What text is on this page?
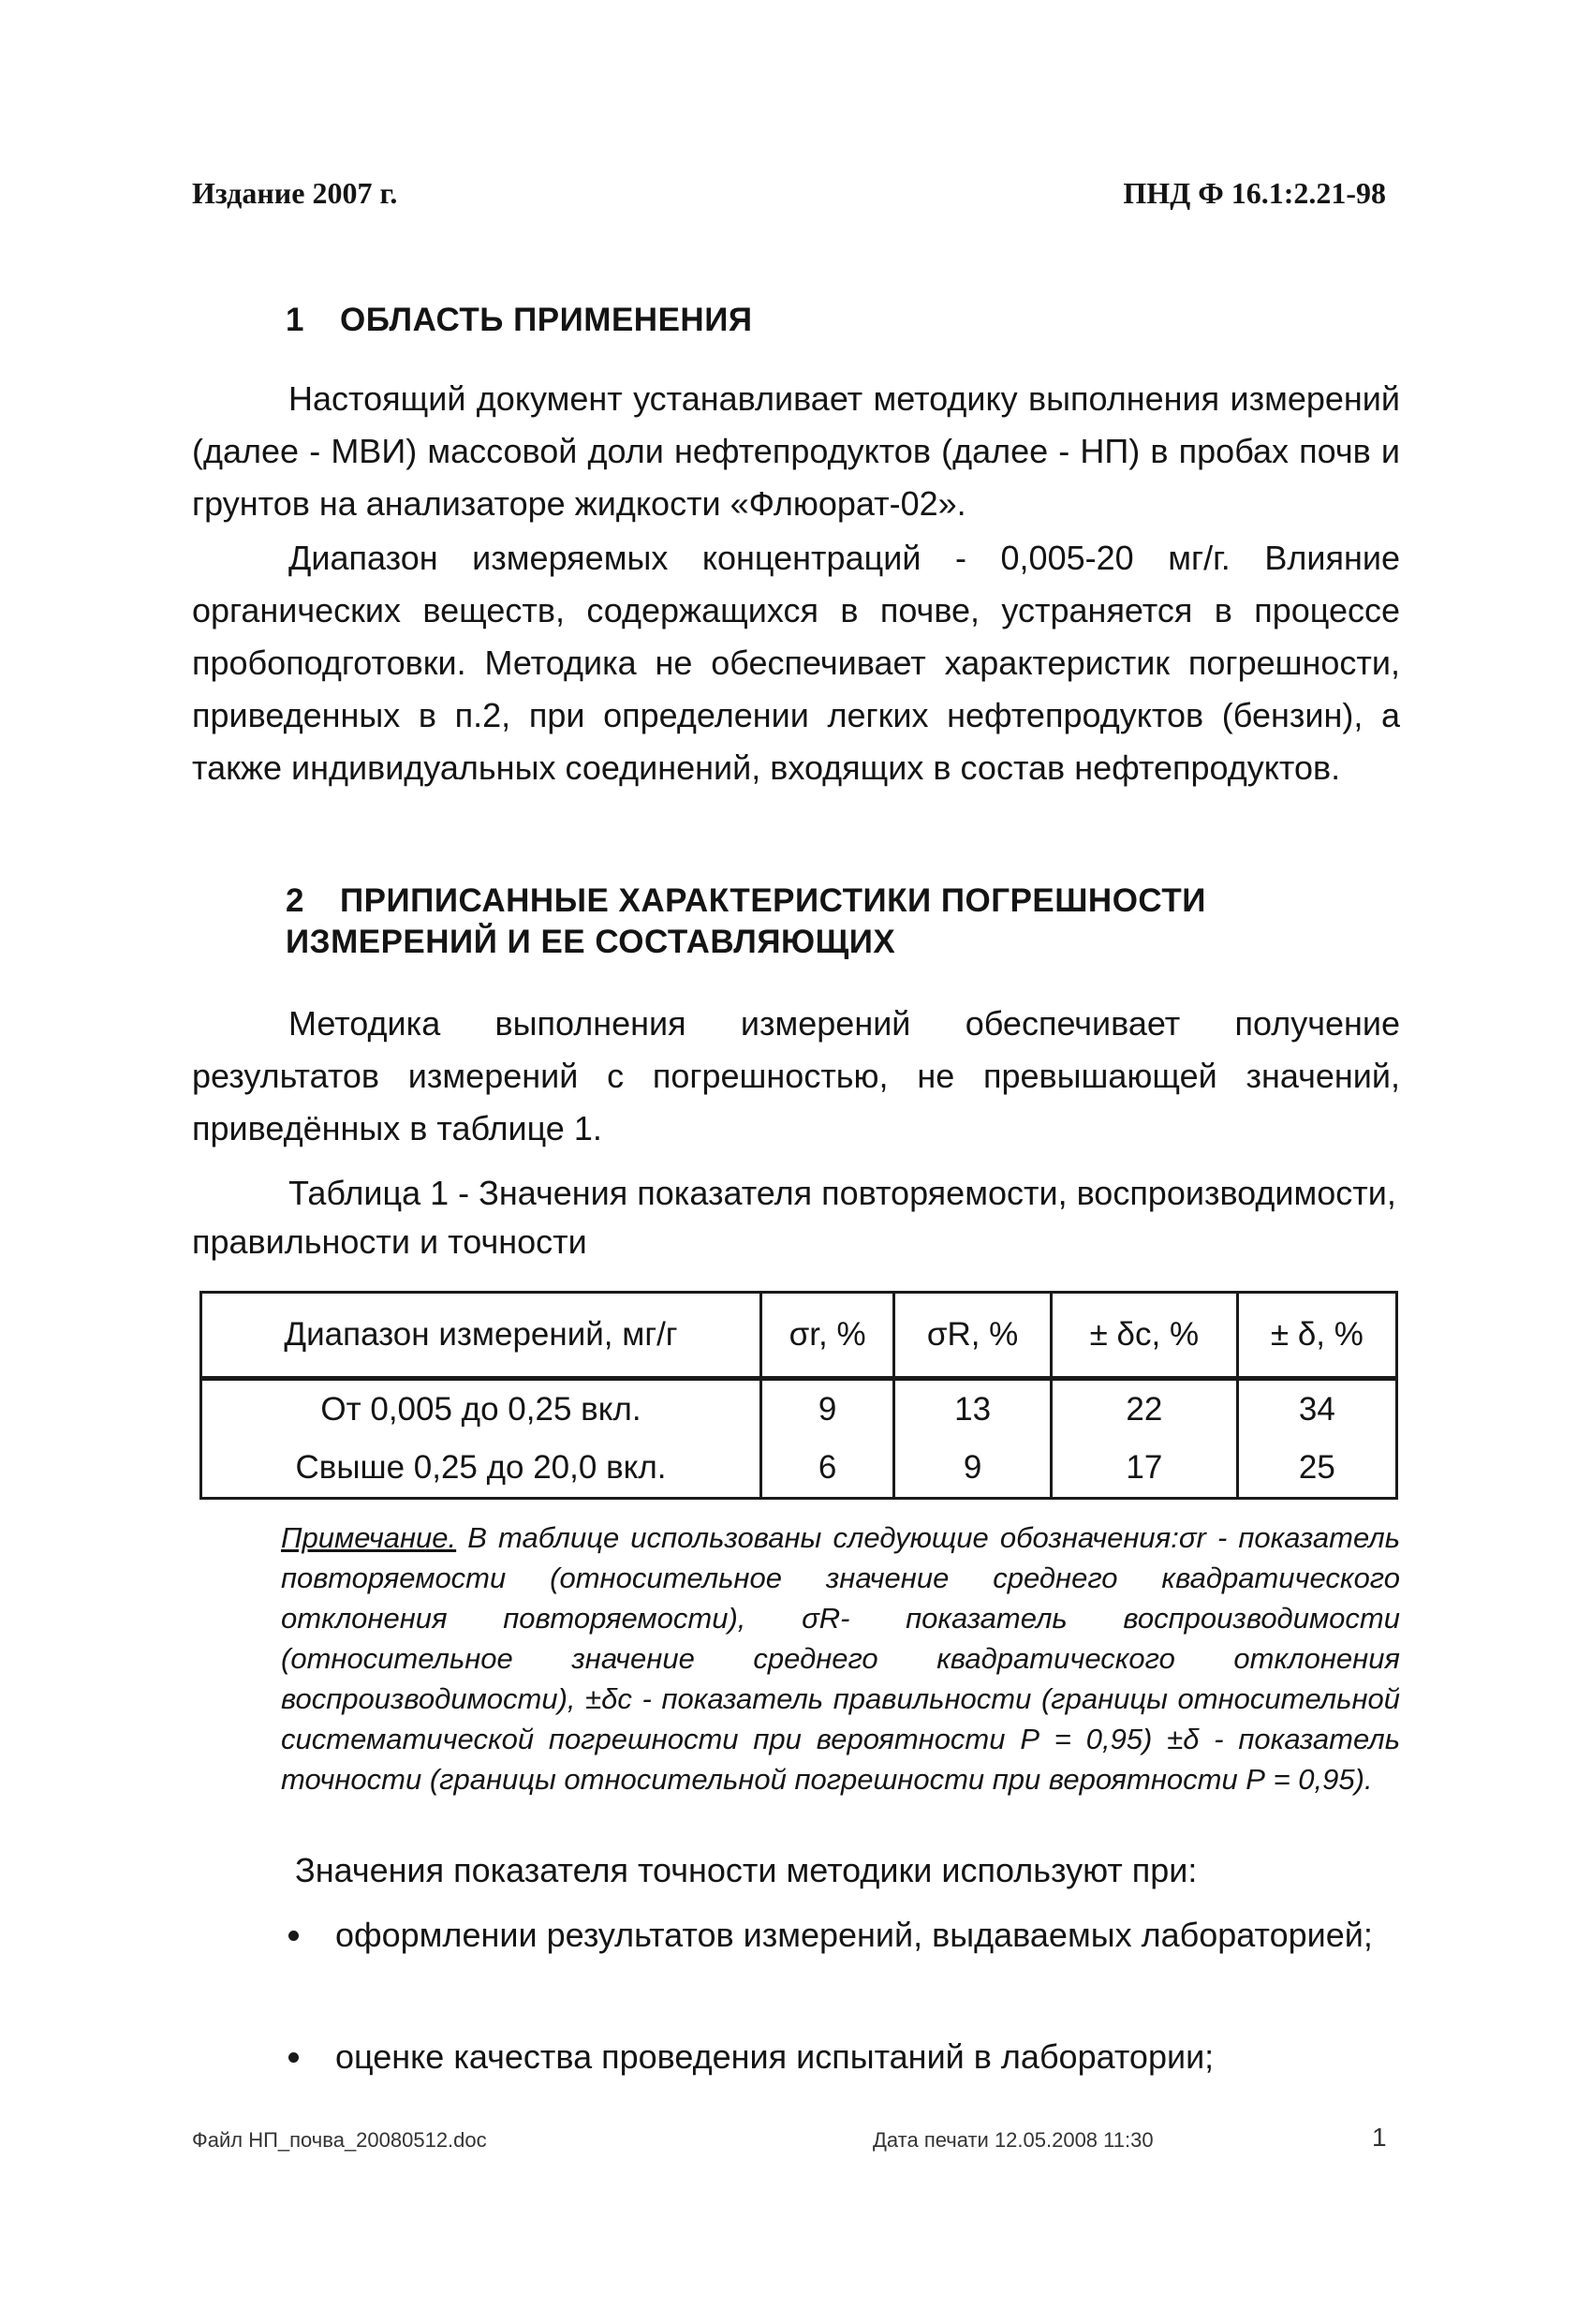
Издание 2007 г.	ПНД Ф 16.1:2.21-98
1 ОБЛАСТЬ ПРИМЕНЕНИЯ

Настоящий документ устанавливает методику выполнения измерений (далее - МВИ) массовой доли нефтепродуктов (далее - НП) в пробах почв и грунтов на анализаторе жидкости «Флюорат-02».

Диапазон измеряемых концентраций - 0,005-20 мг/г. Влияние органических веществ, содержащихся в почве, устраняется в процессе пробоподготовки. Методика не обеспечивает характеристик погрешности, приведенных в п.2, при определении легких нефтепродуктов (бензин), а также индивидуальных соединений, входящих в состав нефтепродуктов.

2 ПРИПИСАННЫЕ ХАРАКТЕРИСТИКИ ПОГРЕШНОСТИ
ИЗМЕРЕНИЙ И ЕЕ СОСТАВЛЯЮЩИХ

Методика выполнения измерений обеспечивает получение результатов измерений с погрешностью, не превышающей значений, приведённых в таблице 1.

Таблица 1 - Значения показателя повторяемости, воспроизводимости, правильности и точности

Диапазон измерений, мг/г	σr, %	σR, %	± δc, %	± δ, %
От 0,005 до 0,25 вкл.	9	13	22	34
Свыше 0,25 до 20,0 вкл.	6	9	17	25

Примечание. В таблице использованы следующие обозначения:σr - показатель повторяемости (относительное значение среднего квадратического отклонения повторяемости), σR- показатель воспроизводимости (относительное значение среднего квадратического отклонения воспроизводимости), ±δc - показатель правильности (границы относительной систематической погрешности при вероятности Р = 0,95) ±δ - показатель точности (границы относительной погрешности при вероятности Р = 0,95).

Значения показателя точности методики используют при:
оформлении результатов измерений, выдаваемых лабораторией;
оценке качества проведения испытаний в лаборатории;
Файл НП_почва_20080512.doc	Дата печати 12.05.2008 11:30	1
